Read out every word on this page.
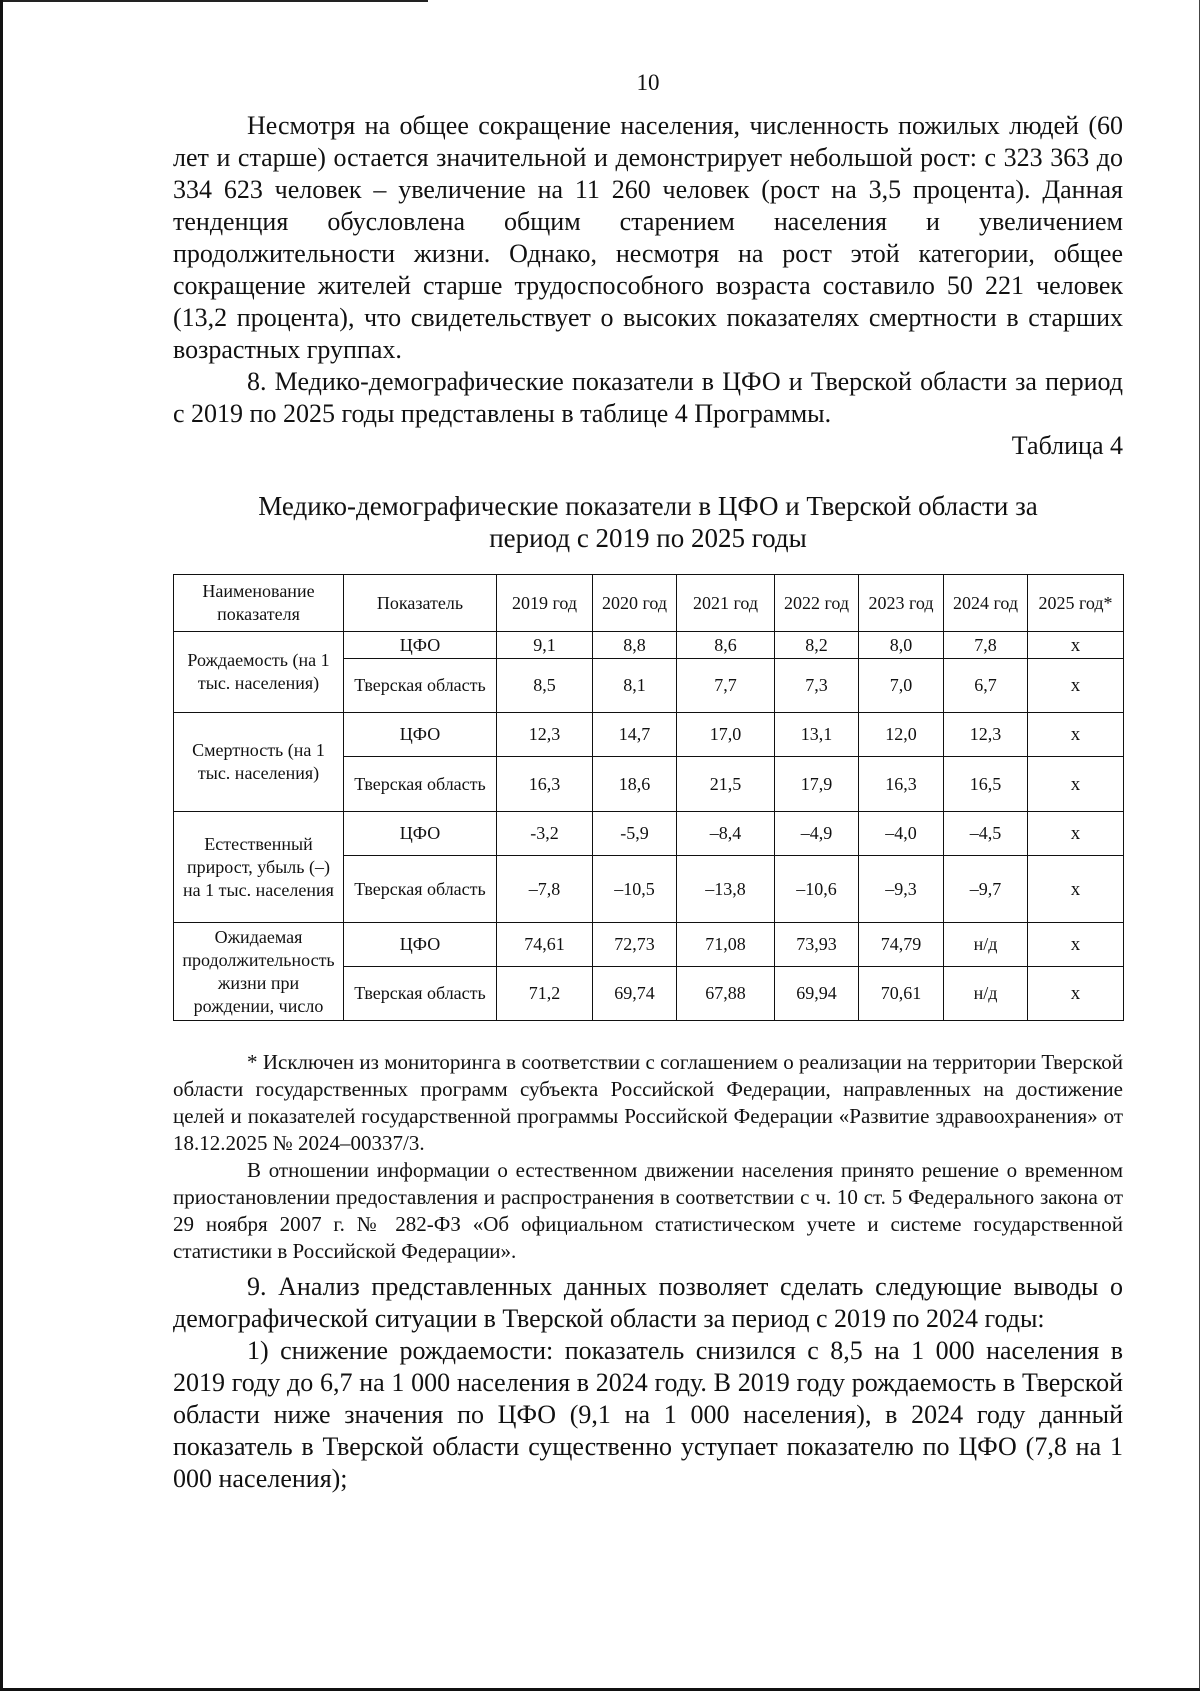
10

Несмотря на общее сокращение населения, численность пожилых людей (60 лет и старше) остается значительной и демонстрирует небольшой рост: с 323 363 до 334 623 человек – увеличение на 11 260 человек (рост на 3,5 процента). Данная тенденция обусловлена общим старением населения и увеличением продолжительности жизни. Однако, несмотря на рост этой категории, общее сокращение жителей старше трудоспособного возраста составило 50 221 человек (13,2 процента), что свидетельствует о высоких показателях смертности в старших возрастных группах.

8. Медико-демографические показатели в ЦФО и Тверской области за период с 2019 по 2025 годы представлены в таблице 4 Программы.

Таблица 4
Медико-демографические показатели в ЦФО и Тверской области за период с 2019 по 2025 годы
Наименование показателя	Показатель	2019 год	2020 год	2021 год	2022 год	2023 год	2024 год	2025 год*
Рождаемость (на 1 тыс. населения)	ЦФО	9,1	8,8	8,6	8,2	8,0	7,8	х
	Тверская область	8,5	8,1	7,7	7,3	7,0	6,7	х
Смертность (на 1 тыс. населения)	ЦФО	12,3	14,7	17,0	13,1	12,0	12,3	х
	Тверская область	16,3	18,6	21,5	17,9	16,3	16,5	х
Естественный прирост, убыль (–) на 1 тыс. населения	ЦФО	-3,2	-5,9	–8,4	–4,9	–4,0	–4,5	х
	Тверская область	–7,8	–10,5	–13,8	–10,6	–9,3	–9,7	х
Ожидаемая продолжительность жизни при рождении, число	ЦФО	74,61	72,73	71,08	73,93	74,79	н/д	х
	Тверская область	71,2	69,74	67,88	69,94	70,61	н/д	х

* Исключен из мониторинга в соответствии с соглашением о реализации на территории Тверской области государственных программ субъекта Российской Федерации, направленных на достижение целей и показателей государственной программы Российской Федерации «Развитие здравоохранения» от 18.12.2025 № 2024–00337/3.

В отношении информации о естественном движении населения принято решение о временном приостановлении предоставления и распространения в соответствии с ч. 10 ст. 5 Федерального закона от 29 ноября 2007 г. № 282-ФЗ «Об официальном статистическом учете и системе государственной статистики в Российской Федерации».

9. Анализ представленных данных позволяет сделать следующие выводы о демографической ситуации в Тверской области за период с 2019 по 2024 годы:

1) снижение рождаемости: показатель снизился с 8,5 на 1 000 населения в 2019 году до 6,7 на 1 000 населения в 2024 году. В 2019 году рождаемость в Тверской области ниже значения по ЦФО (9,1 на 1 000 населения), в 2024 году данный показатель в Тверской области существенно уступает показателю по ЦФО (7,8 на 1 000 населения);
